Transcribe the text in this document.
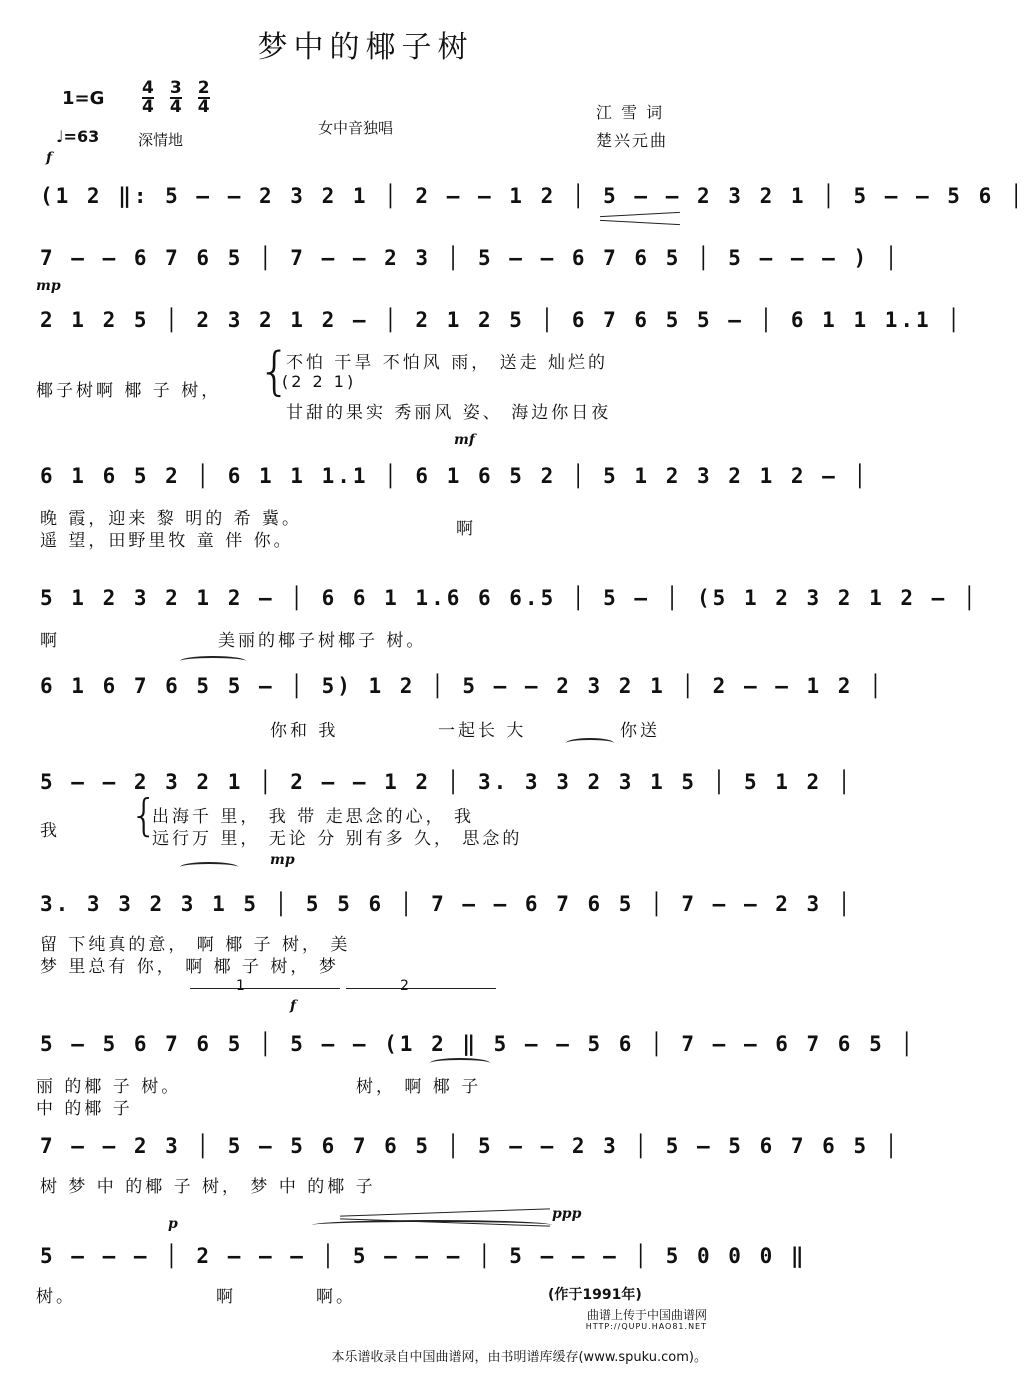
梦中的椰子树
$1=G \frac{4}{4} \frac{3}{4} \frac{2}{4}$
♩=63	深情地
女中音独唱
江 雪 词
楚兴元曲
f
mp
mf
mp
f
p
ppp
1	2
(1 2 ‖: 5 — — 2 3 2 1 │ 2 — — 1 2 │ 5 — — 2 3 2 1 │ 5 — — 5 6 │
7 — — 6 7 6 5 │ 7 — — 2 3 │ 5 — — 6 7 6 5 │ 5 — — — ) │
2 1 2 5 │ 2 3 2 1 2 — │ 2 1 2 5 │ 6 7 6 5 5 — │ 6 1 1 1.1 │
椰子树啊 椰 子 树， {
不怕 干旱 不怕风 雨， 送走 灿烂的
(2 2 1)
甘甜的果实 秀丽风 姿、 海边你日夜
6 1 6 5 2 │ 6 1 1 1.1 │ 6 1 6 5 2 │ 5 1 2 3 2 1 2 — │
晚 霞，迎来 黎 明的 希 冀。
遥 望，田野里牧 童 伴 你。
啊
5 1 2 3 2 1 2 — │ 6 6 1 1.6 6 6.5 │ 5 — │ (5 1 2 3 2 1 2 — │
啊	美丽的椰子树椰子 树。
6 1 6 7 6 5 5 — │ 5) 1 2 │ 5 — — 2 3 2 1 │ 2 — — 1 2 │
你和 我	一起长 大	你送
5 — — 2 3 2 1 │ 2 — — 1 2 │ 3. 3 3 2 3 1 5 │ 5 1 2 │
我 {
出海千 里， 我 带 走思念的心， 我
远行万 里， 无论 分 别有多 久， 思念的
3. 3 3 2 3 1 5 │ 5 5 6 │ 7 — — 6 7 6 5 │ 7 — — 2 3 │
留 下纯真的意， 啊 椰 子 树， 美
梦 里总有 你， 啊 椰 子 树， 梦
5 — 5 6 7 6 5 │ 5 — — (1 2 ‖ 5 — — 5 6 │ 7 — — 6 7 6 5 │
丽 的椰 子 树。	树， 啊 椰 子
中 的椰 子
7 — — 2 3 │ 5 — 5 6 7 6 5 │ 5 — — 2 3 │ 5 — 5 6 7 6 5 │
树 梦 中 的椰 子 树， 梦 中 的椰 子
5 — — — │ 2 — — — │ 5 — — — │ 5 — — — │ 5 0 0 0 ‖
树。	啊	啊。	(作于1991年)
曲谱上传于中国曲谱网
HTTP://QUPU.HAO81.NET
本乐谱收录自中国曲谱网，由书明谱库缓存(www.spuku.com)。
